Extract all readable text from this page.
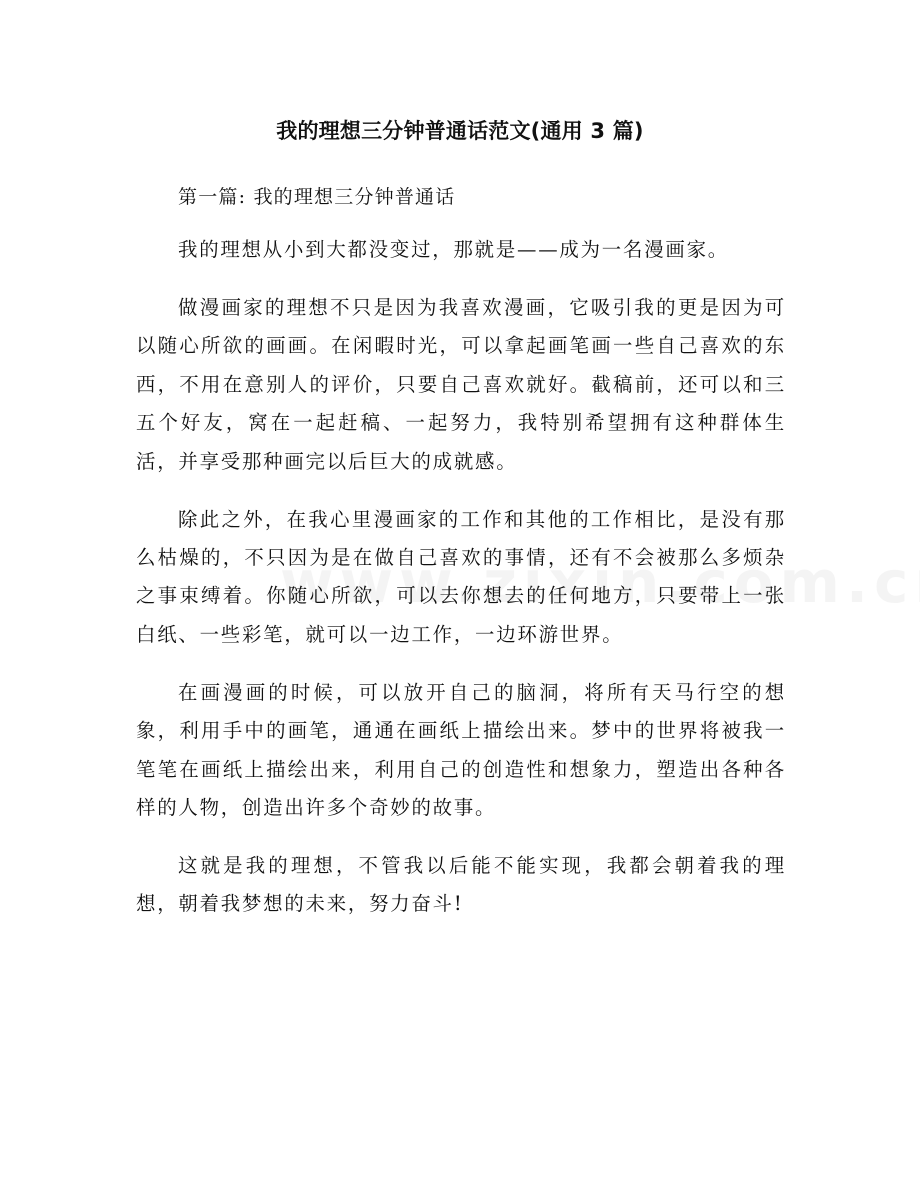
我的理想三分钟普通话范文(通用 3 篇)
第一篇: 我的理想三分钟普通话

我的理想从小到大都没变过，那就是——成为一名漫画家。

做漫画家的理想不只是因为我喜欢漫画，它吸引我的更是因为可以随心所欲的画画。在闲暇时光，可以拿起画笔画一些自己喜欢的东西，不用在意别人的评价，只要自己喜欢就好。截稿前，还可以和三五个好友，窝在一起赶稿、一起努力，我特别希望拥有这种群体生活，并享受那种画完以后巨大的成就感。

除此之外，在我心里漫画家的工作和其他的工作相比，是没有那么枯燥的，不只因为是在做自己喜欢的事情，还有不会被那么多烦杂之事束缚着。你随心所欲，可以去你想去的任何地方，只要带上一张白纸、一些彩笔，就可以一边工作，一边环游世界。

在画漫画的时候，可以放开自己的脑洞，将所有天马行空的想象，利用手中的画笔，通通在画纸上描绘出来。梦中的世界将被我一笔笔在画纸上描绘出来，利用自己的创造性和想象力，塑造出各种各样的人物，创造出许多个奇妙的故事。

这就是我的理想，不管我以后能不能实现，我都会朝着我的理想，朝着我梦想的未来，努力奋斗!
